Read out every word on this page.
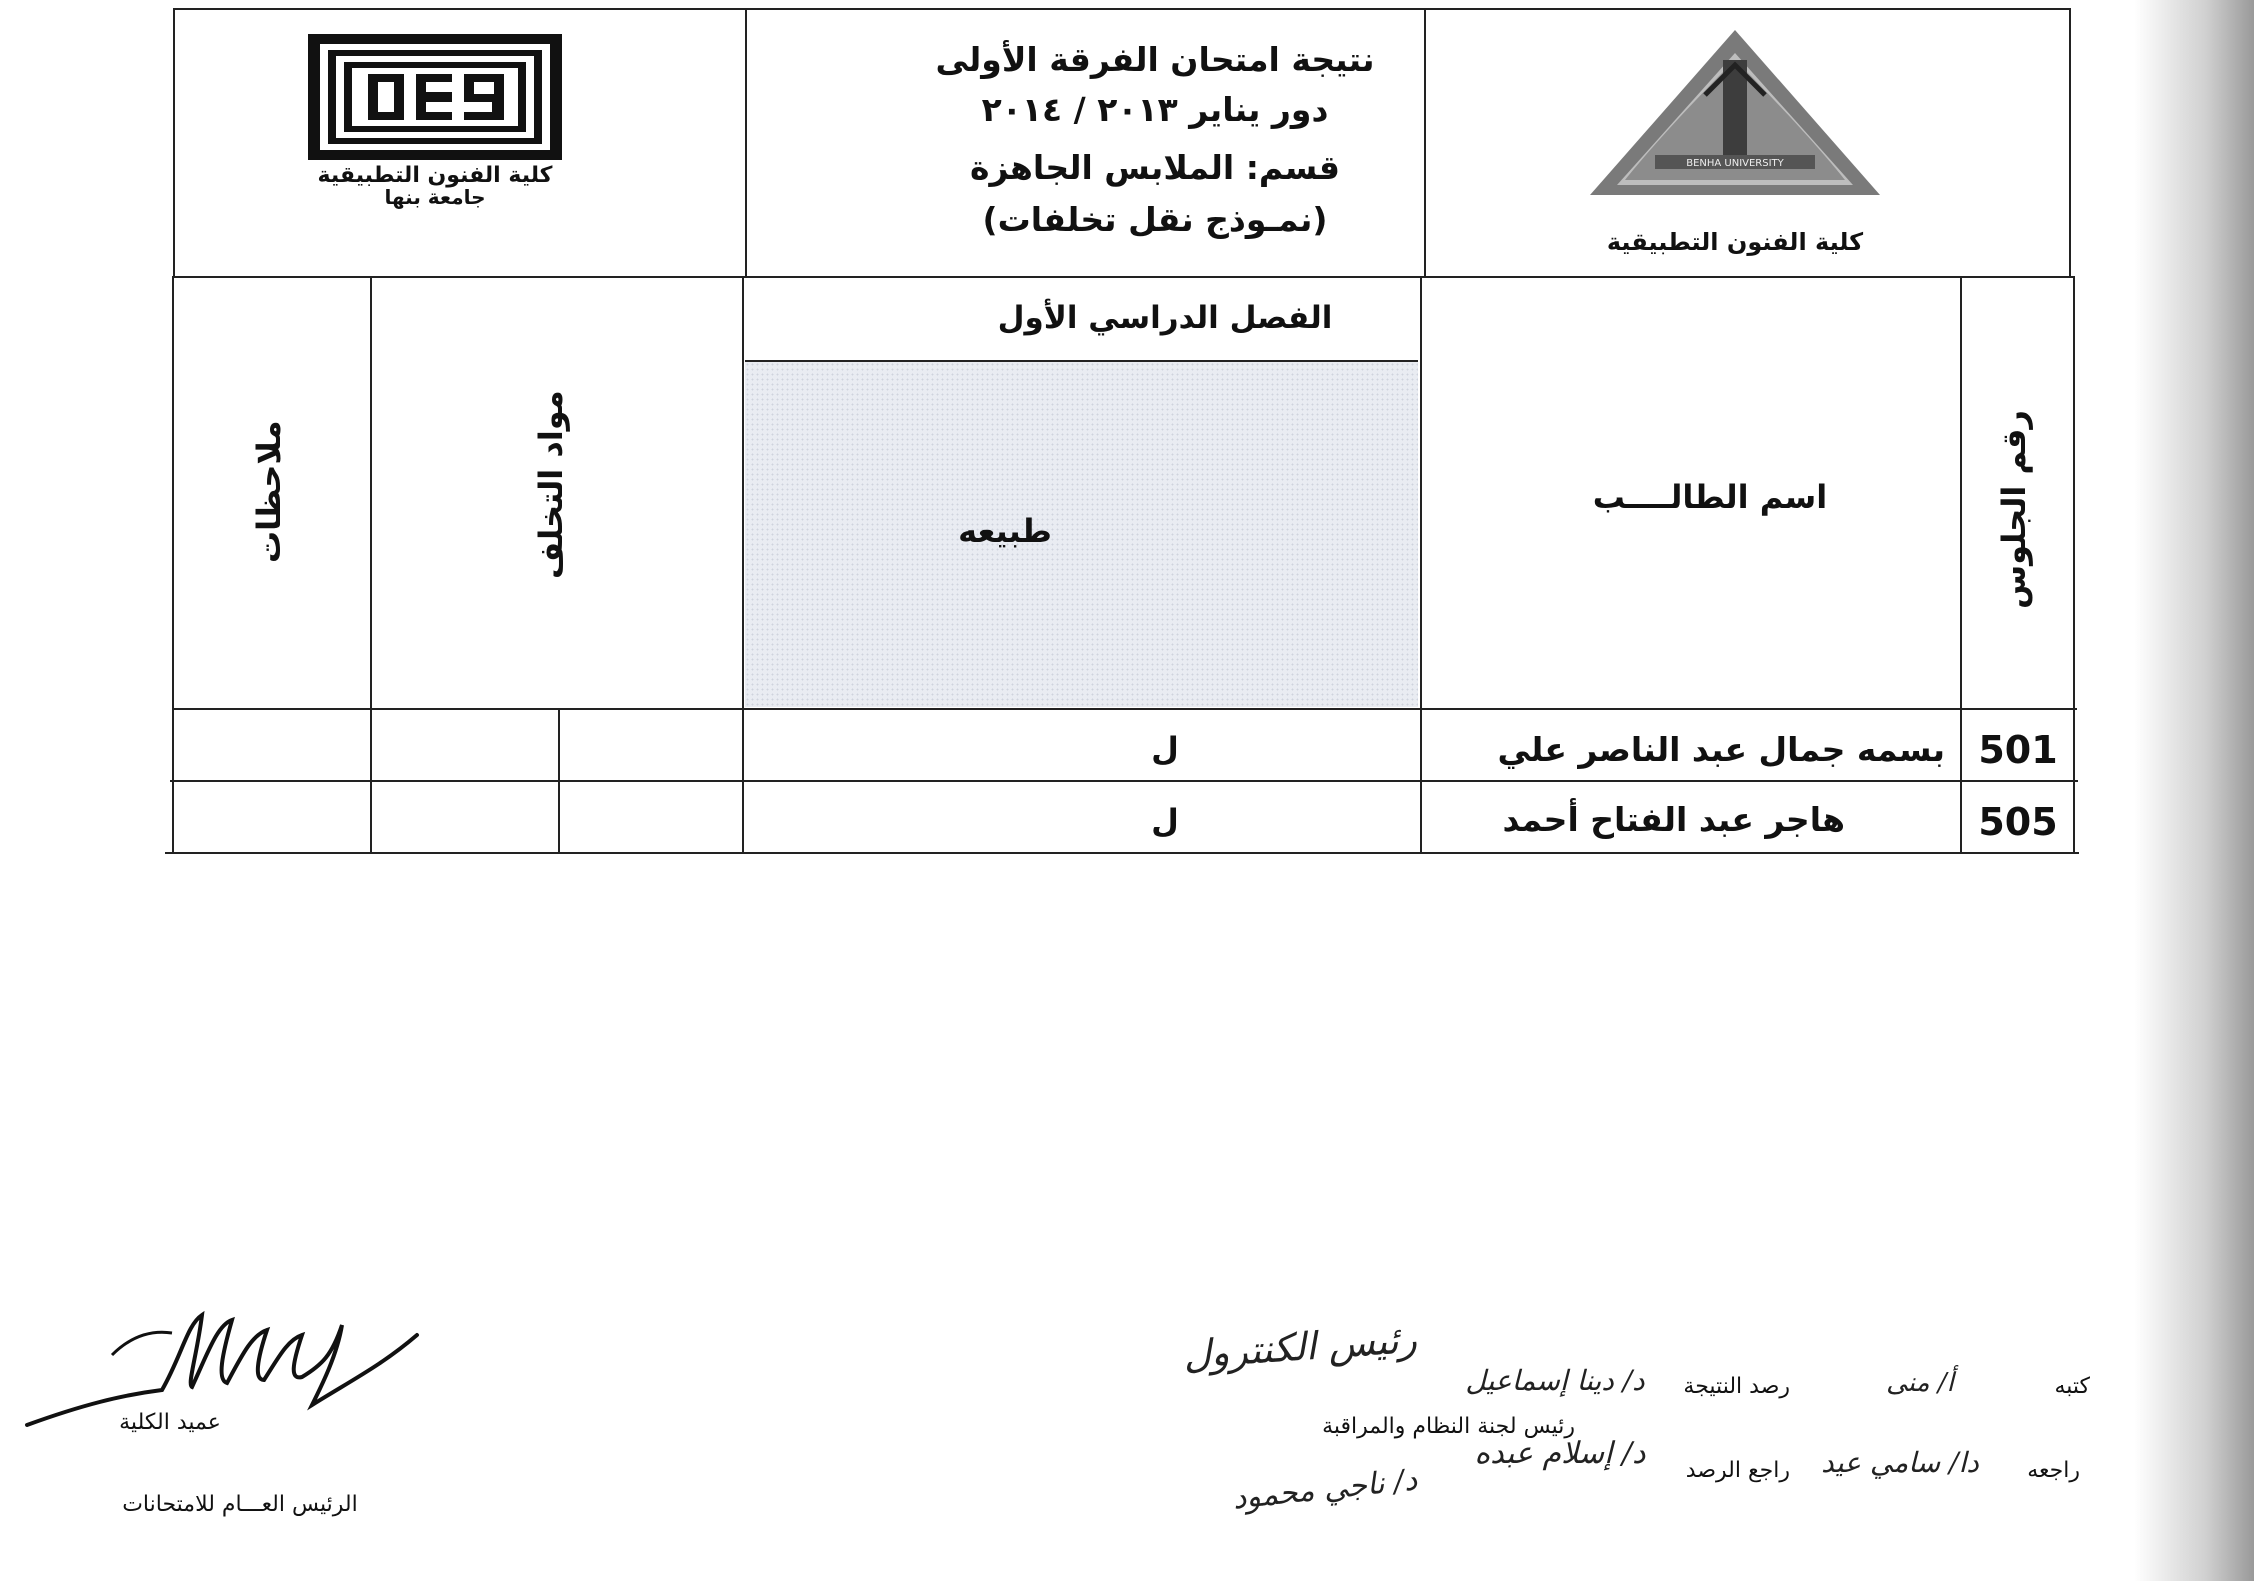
كلية الفنون التطبيقية
جامعة بنها
نتيجة امتحان الفرقة الأولى
دور يناير ٢٠١٣ / ٢٠١٤
قسم: الملابس الجاهزة
(نمـوذج نقل تخلفات)
BENHA UNIVERSITY
كلية الفنون التطبيقية
رقم الجلوس
اسم الطالــــب
الفصل الدراسي الأول
طبيعه
مواد التخلف
ملاحظات
501
بسمه جمال عبد الناصر علي
ل
505
هاجر عبد الفتاح أحمد
ل
رئيس الكنترول
كتبه
أ/ منى
رصد النتيجة
د/ دينا إسماعيل
رئيس لجنة النظام والمراقبة
راجعه
دا/ سامي عيد
راجع الرصد
د/ إسلام عبده
د/ ناجي محمود
عميد الكلية
الرئيس العـــام للامتحانات
